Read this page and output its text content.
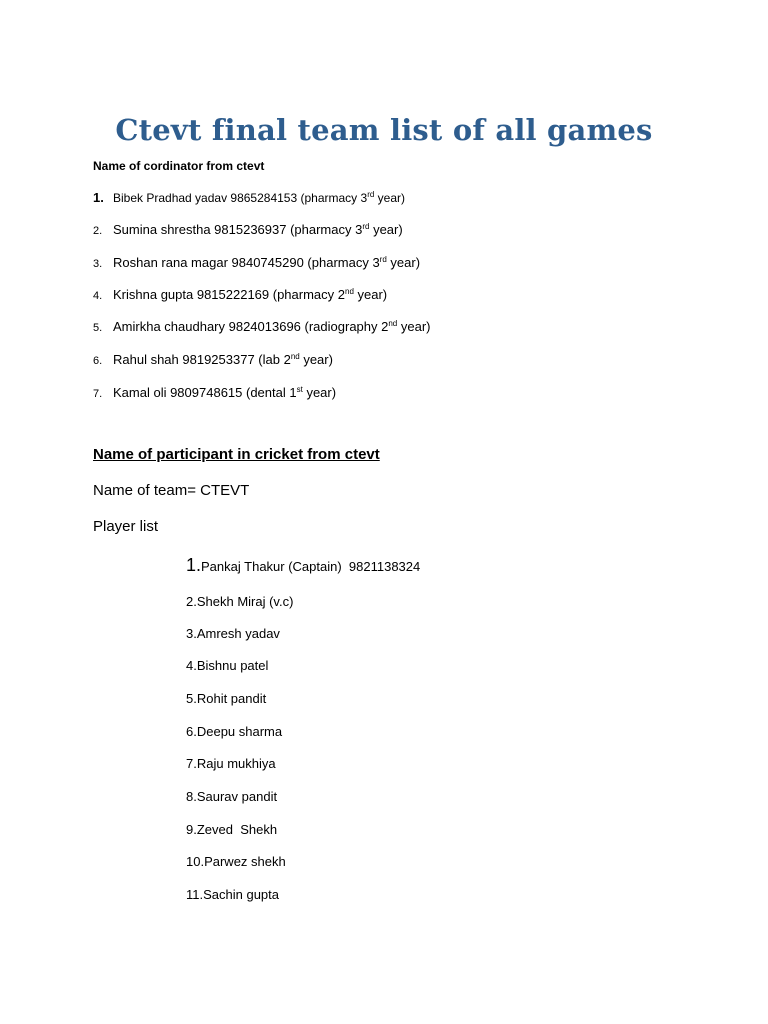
Ctevt final team list of all games
Name of cordinator from ctevt
1. Bibek Pradhad yadav 9865284153 (pharmacy 3rd year)
2. Sumina shrestha 9815236937 (pharmacy 3rd year)
3. Roshan rana magar 9840745290 (pharmacy 3rd year)
4. Krishna gupta 9815222169 (pharmacy 2nd year)
5. Amirkha chaudhary 9824013696 (radiography 2nd year)
6. Rahul shah 9819253377 (lab 2nd year)
7. Kamal oli 9809748615 (dental 1st year)
Name of participant in cricket from ctevt
Name of team= CTEVT
Player list
1.Pankaj Thakur (Captain)  9821138324
2.Shekh Miraj (v.c)
3.Amresh yadav
4.Bishnu patel
5.Rohit pandit
6.Deepu sharma
7.Raju mukhiya
8.Saurav pandit
9.Zeved  Shekh
10.Parwez shekh
11.Sachin gupta
